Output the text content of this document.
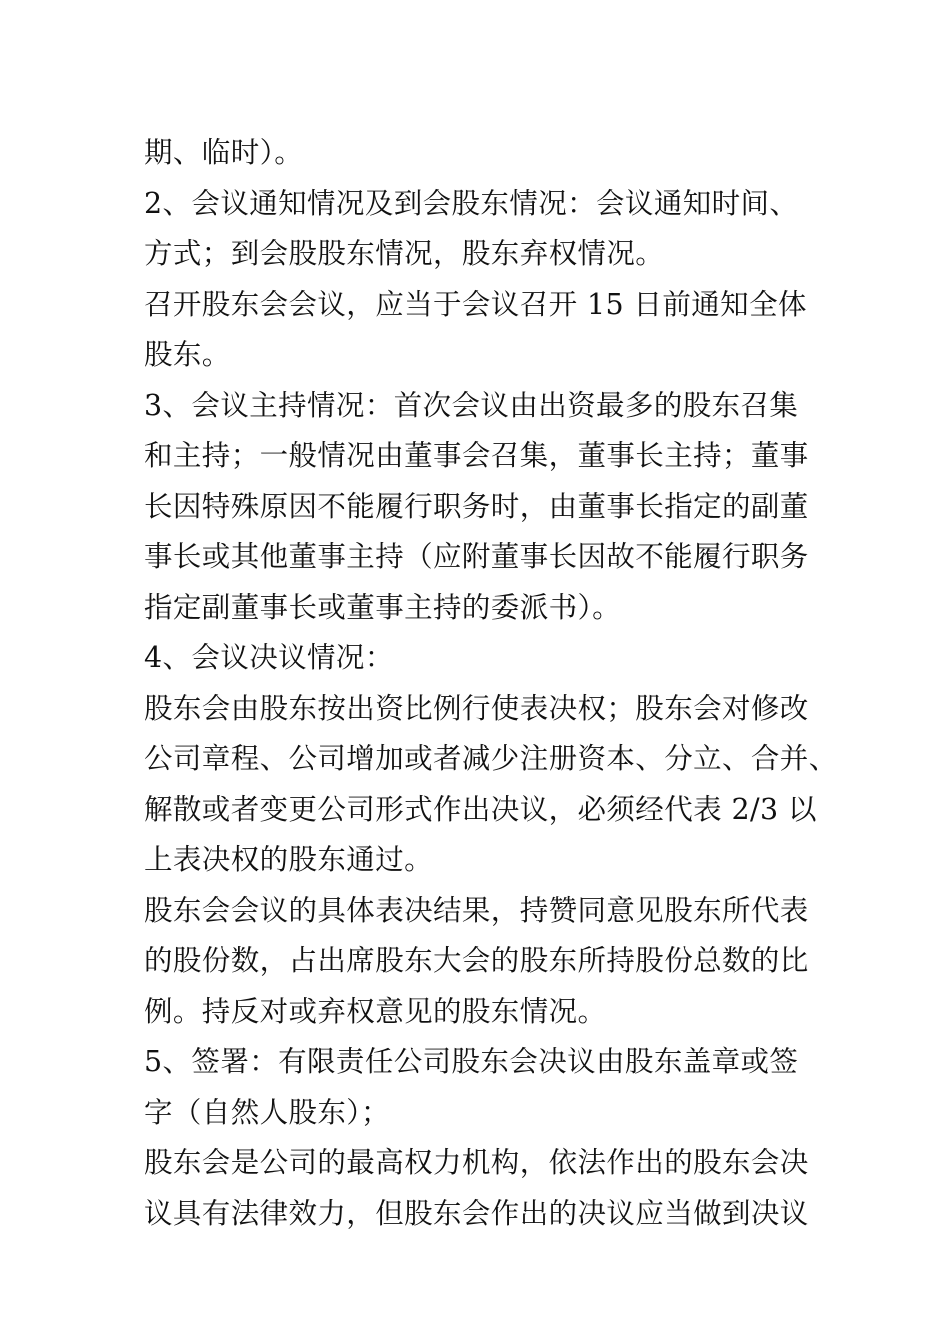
期、临时）。
2、会议通知情况及到会股东情况：会议通知时间、
方式；到会股股东情况，股东弃权情况。
召开股东会会议，应当于会议召开 15 日前通知全体
股东。
3、会议主持情况：首次会议由出资最多的股东召集
和主持；一般情况由董事会召集，董事长主持；董事
长因特殊原因不能履行职务时，由董事长指定的副董
事长或其他董事主持（应附董事长因故不能履行职务
指定副董事长或董事主持的委派书）。
4、会议决议情况：
股东会由股东按出资比例行使表决权；股东会对修改
公司章程、公司增加或者减少注册资本、分立、合并、
解散或者变更公司形式作出决议，必须经代表 2/3 以
上表决权的股东通过。
股东会会议的具体表决结果，持赞同意见股东所代表
的股份数，占出席股东大会的股东所持股份总数的比
例。持反对或弃权意见的股东情况。
5、签署：有限责任公司股东会决议由股东盖章或签
字（自然人股东）；
股东会是公司的最高权力机构，依法作出的股东会决
议具有法律效力，但股东会作出的决议应当做到决议
